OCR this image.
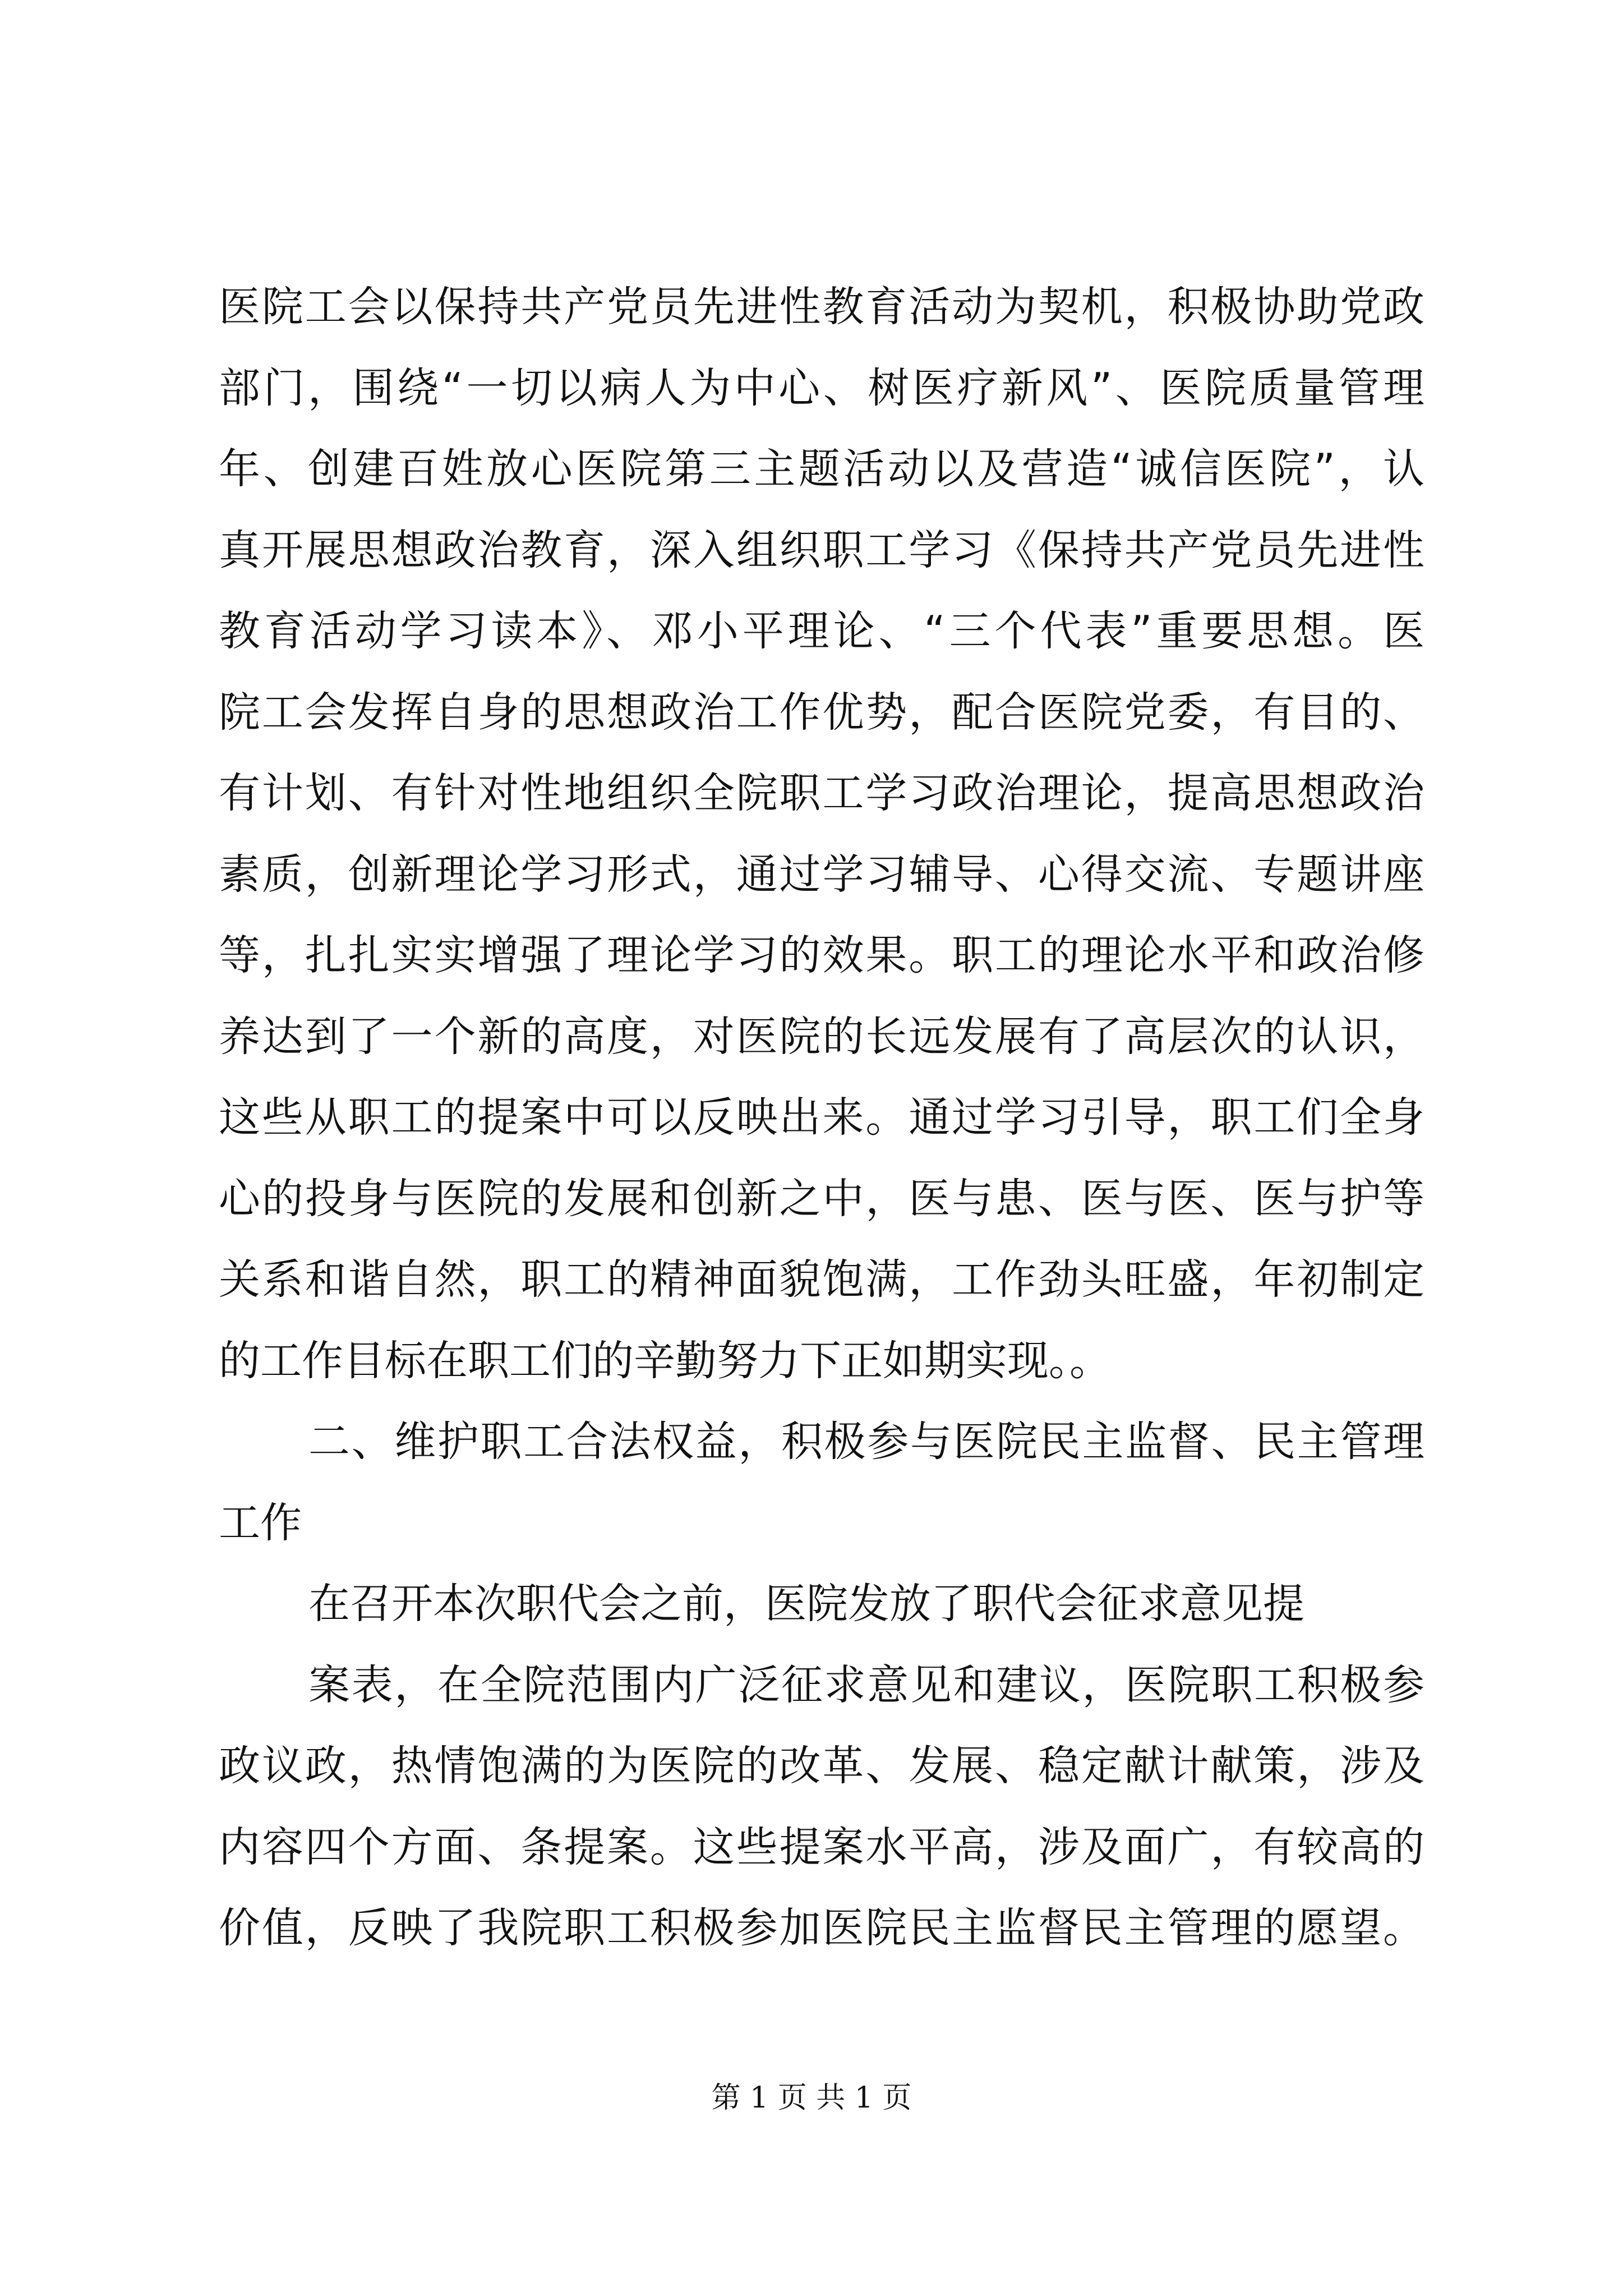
医院工会以保持共产党员先进性教育活动为契机，积极协助党政
部门，围绕“一切以病人为中心、树医疗新风”、医院质量管理
年、创建百姓放心医院第三主题活动以及营造“诚信医院”，认
真开展思想政治教育，深入组织职工学习《保持共产党员先进性
教育活动学习读本》、邓小平理论、“三个代表”重要思想。医
院工会发挥自身的思想政治工作优势，配合医院党委，有目的、
有计划、有针对性地组织全院职工学习政治理论，提高思想政治
素质，创新理论学习形式，通过学习辅导、心得交流、专题讲座
等，扎扎实实增强了理论学习的效果。职工的理论水平和政治修
养达到了一个新的高度，对医院的长远发展有了高层次的认识，
这些从职工的提案中可以反映出来。通过学习引导，职工们全身
心的投身与医院的发展和创新之中，医与患、医与医、医与护等
关系和谐自然，职工的精神面貌饱满，工作劲头旺盛，年初制定
的工作目标在职工们的辛勤努力下正如期实现。。
二、维护职工合法权益，积极参与医院民主监督、民主管理
工作
在召开本次职代会之前，医院发放了职代会征求意见提
案表，在全院范围内广泛征求意见和建议，医院职工积极参
政议政，热情饱满的为医院的改革、发展、稳定献计献策，涉及
内容四个方面、条提案。这些提案水平高，涉及面广，有较高的
价值，反映了我院职工积极参加医院民主监督民主管理的愿望。
第 1 页 共 1 页
